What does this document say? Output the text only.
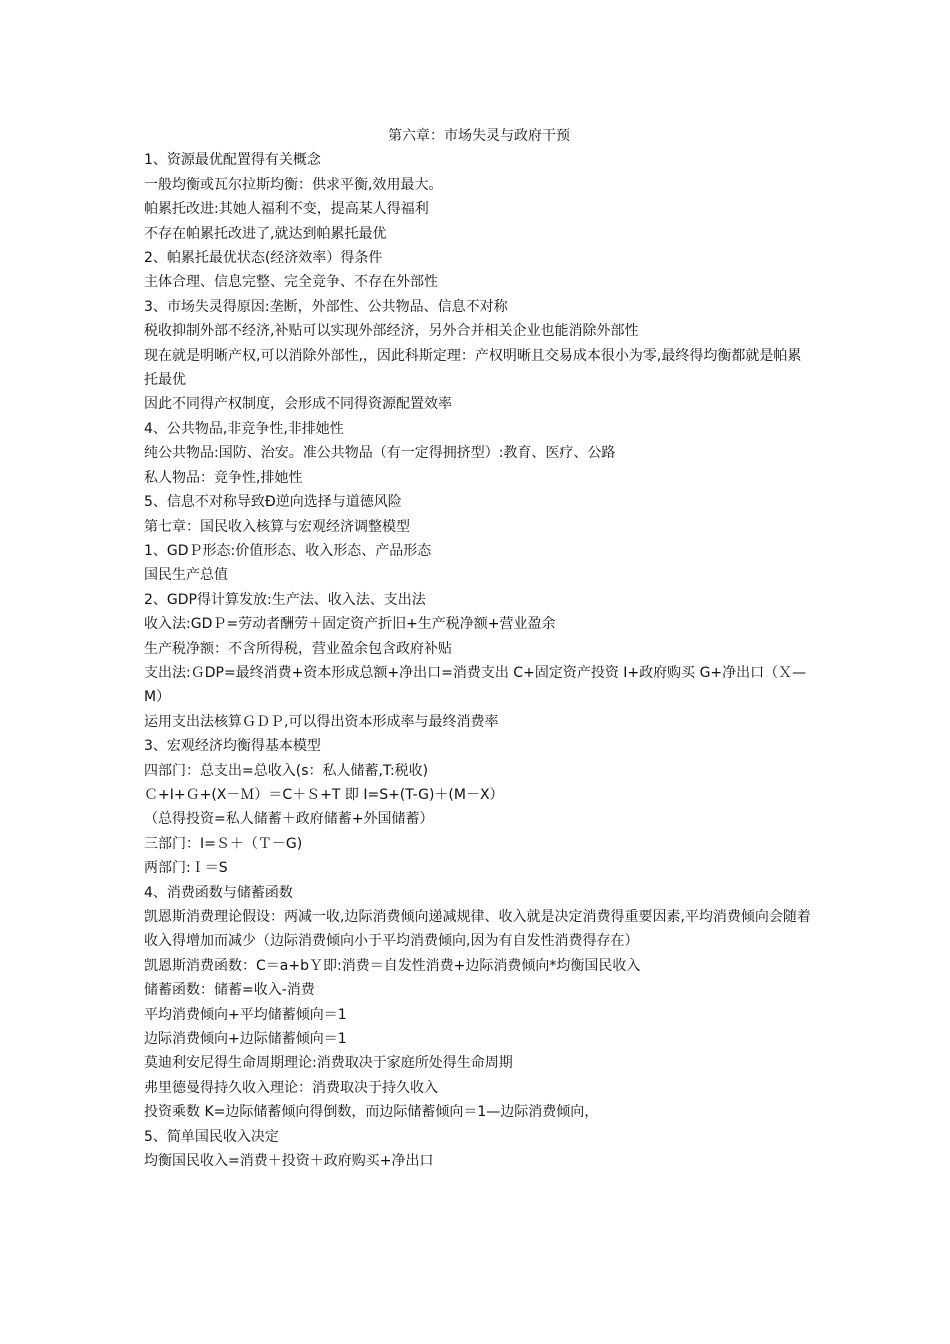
第六章：市场失灵与政府干预
1、资源最优配置得有关概念
一般均衡或瓦尔拉斯均衡：供求平衡,效用最大。
帕累托改进:其她人福利不变，提高某人得福利
不存在帕累托改进了,就达到帕累托最优
2、帕累托最优状态(经济效率）得条件
主体合理、信息完整、完全竞争、不存在外部性
3、市场失灵得原因:垄断，外部性、公共物品、信息不对称
税收抑制外部不经济,补贴可以实现外部经济，另外合并相关企业也能消除外部性
现在就是明晰产权,可以消除外部性,，因此科斯定理：产权明晰且交易成本很小为零,最终得均衡都就是帕累托最优
因此不同得产权制度，会形成不同得资源配置效率
4、公共物品,非竞争性,非排她性
纯公共物品:国防、治安。准公共物品（有一定得拥挤型）:教育、医疗、公路
私人物品：竞争性,排她性
5、信息不对称导致Ɖ逆向选择与道德风险
第七章：国民收入核算与宏观经济调整模型
1、GDＰ形态:价值形态、收入形态、产品形态
国民生产总值
2、GDP得计算发放:生产法、收入法、支出法
收入法:GDＰ=劳动者酬劳＋固定资产折旧+生产税净额+营业盈余
生产税净额：不含所得税，营业盈余包含政府补贴
支出法:ＧDP=最终消费+资本形成总额+净出口=消费支出 C+固定资产投资 I+政府购买 G+净出口（Ｘ—M）
运用支出法核算ＧＤＰ,可以得出资本形成率与最终消费率
3、宏观经济均衡得基本模型
四部门：总支出=总收入(s：私人储蓄,T:税收)
Ｃ+I+Ｇ+(X－Ｍ）＝C＋Ｓ+T 即 I=S+(T-G)＋(M－X）
（总得投资=私人储蓄＋政府储蓄+外国储蓄）
三部门：I=Ｓ＋（Ｔ－G)
两部门:Ｉ＝S
4、消费函数与储蓄函数
凯恩斯消费理论假设：两减一收,边际消费倾向递减规律、收入就是决定消费得重要因素,平均消费倾向会随着收入得增加而减少（边际消费倾向小于平均消费倾向,因为有自发性消费得存在）
凯恩斯消费函数：C＝a+bＹ即:消费＝自发性消费+边际消费倾向*均衡国民收入
储蓄函数：储蓄=收入-消费
平均消费倾向+平均储蓄倾向＝1
边际消费倾向+边际储蓄倾向＝1
莫迪利安尼得生命周期理论:消费取决于家庭所处得生命周期
弗里德曼得持久收入理论：消费取决于持久收入
投资乘数 K=边际储蓄倾向得倒数，而边际储蓄倾向＝1—边际消费倾向，
5、简单国民收入决定
均衡国民收入=消费＋投资＋政府购买+净出口
